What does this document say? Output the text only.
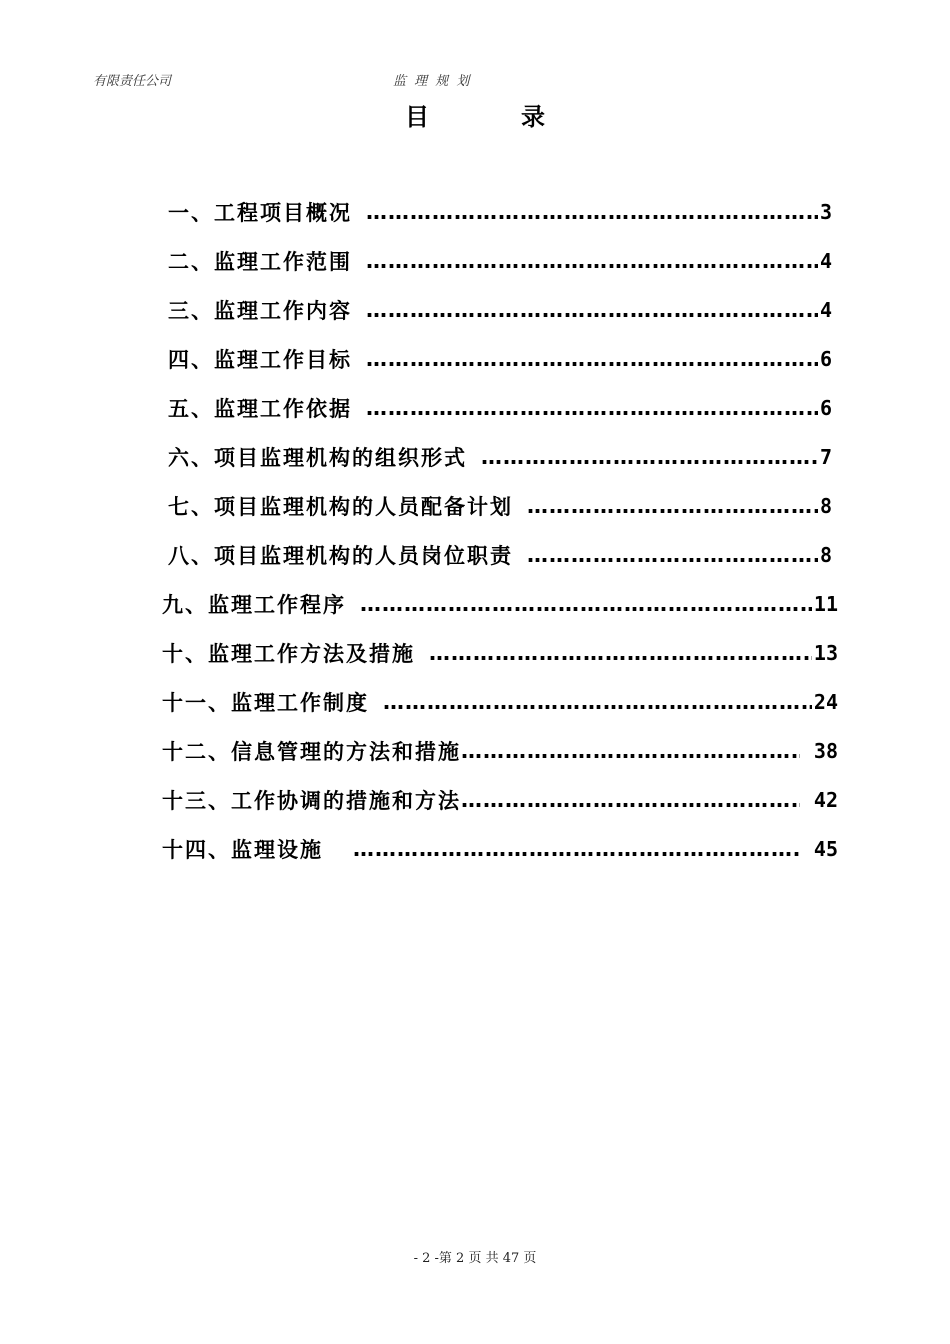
有限责任公司	监 理 规 划
目	录
一、工程项目概况 ………………………………………………………………………………………………………………	3
二、监理工作范围 ………………………………………………………………………………………………………………	4
三、监理工作内容 ………………………………………………………………………………………………………………	4
四、监理工作目标 ………………………………………………………………………………………………………………	6
五、监理工作依据 ………………………………………………………………………………………………………………	6
六、项目监理机构的组织形式 ………………………………………………………………………………………………………………	7
七、项目监理机构的人员配备计划 ………………………………………………………………………………………………………………	8
八、项目监理机构的人员岗位职责 ………………………………………………………………………………………………………………	8
九、监理工作程序 ………………………………………………………………………………………………………………	11
十、监理工作方法及措施 ………………………………………………………………………………………………………………	13
十一、监理工作制度 ………………………………………………………………………………………………………………	24
十二、信息管理的方法和措施 ………………………………………………………………………………………………………………	38
十三、工作协调的措施和方法 ………………………………………………………………………………………………………………	42
十四、监理设施 ………………………………………………………………………………………………………………	45
- 2 -第 2 页 共 47 页
